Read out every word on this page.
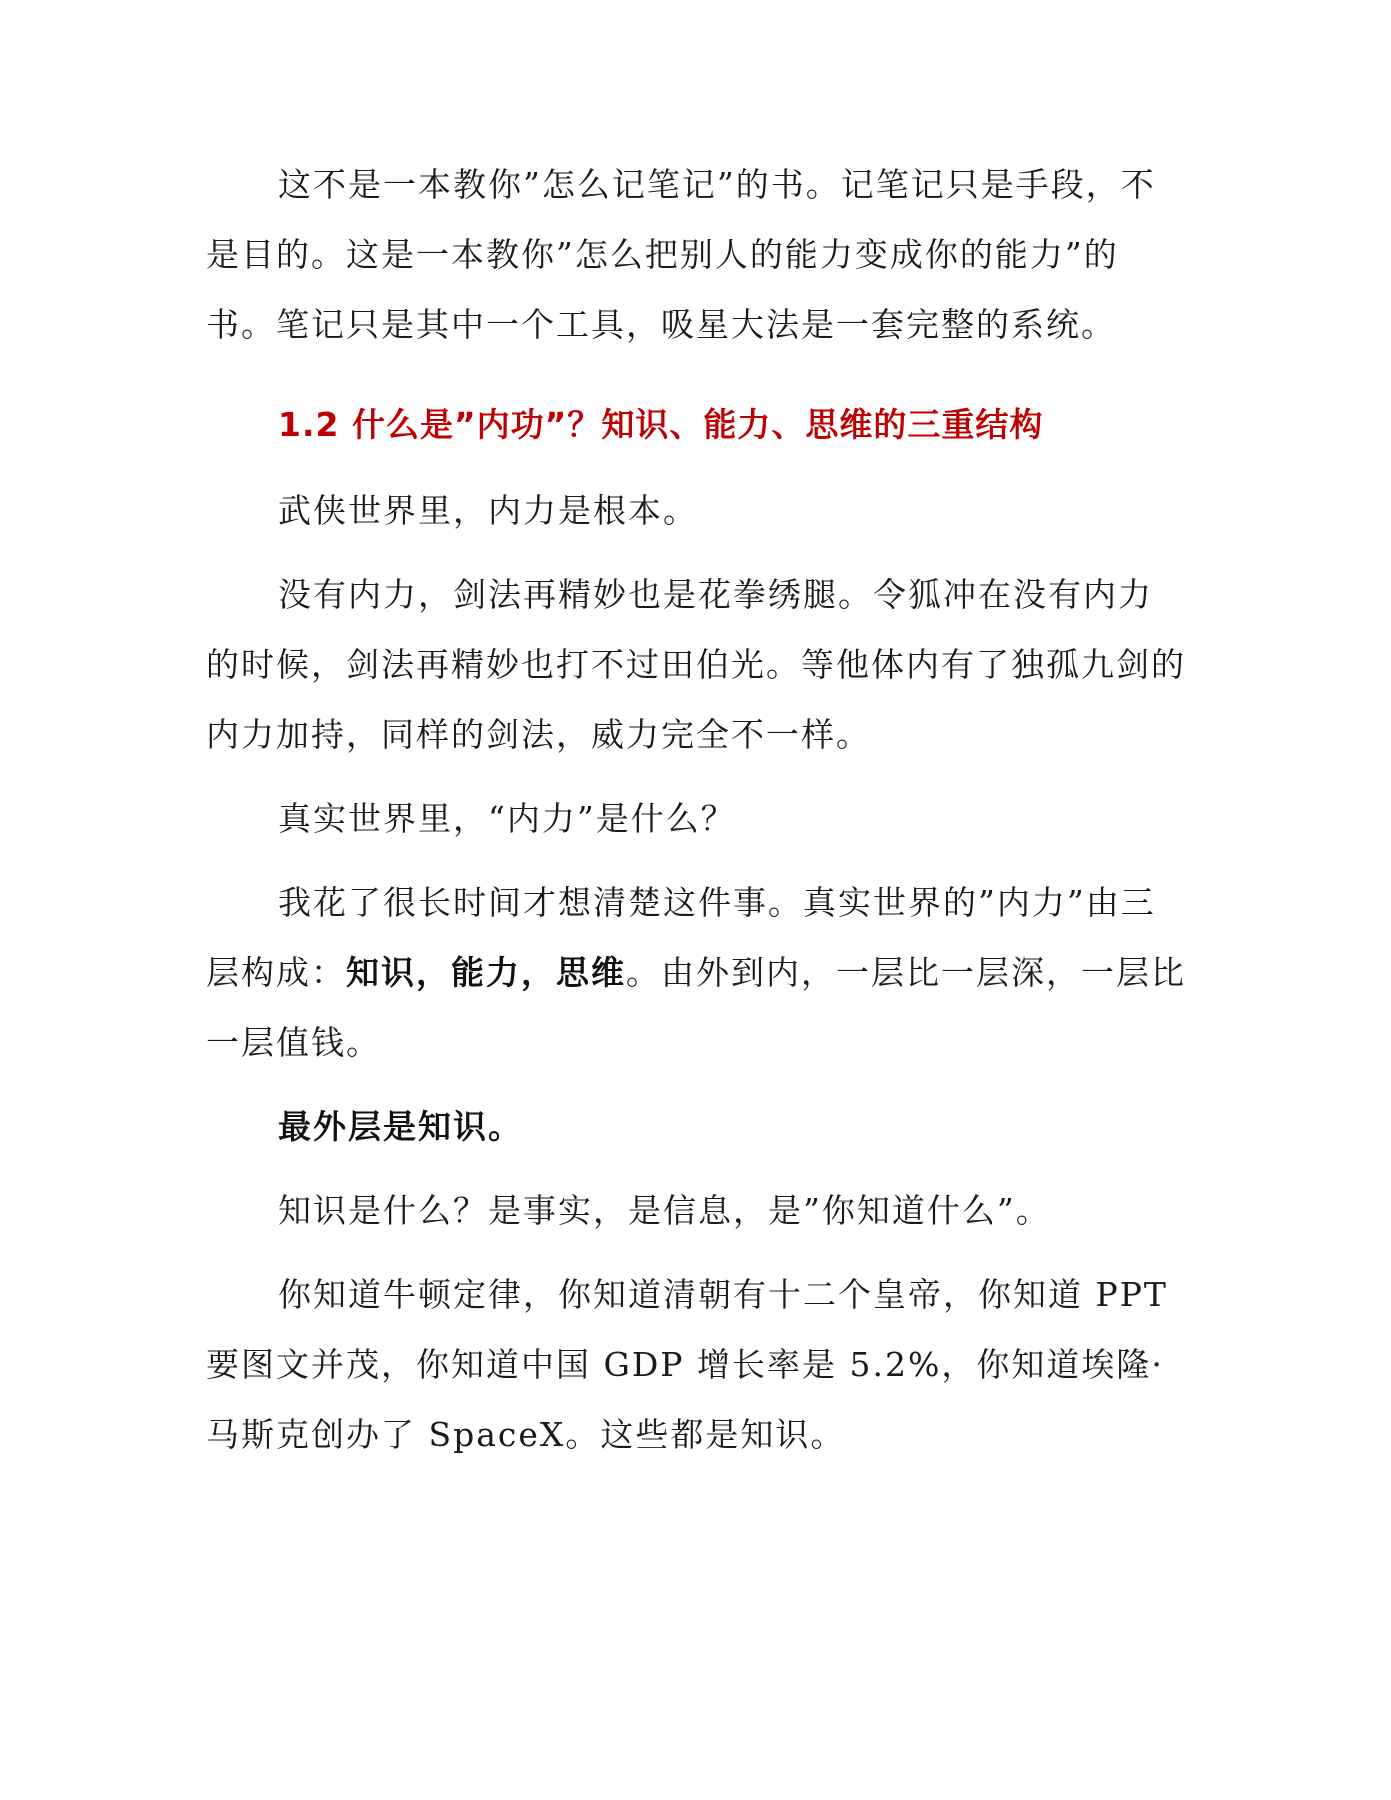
这不是一本教你”怎么记笔记”的书。记笔记只是手段，不是目的。这是一本教你”怎么把别人的能力变成你的能力”的书。笔记只是其中一个工具，吸星大法是一套完整的系统。

1.2 什么是”内功”？知识、能力、思维的三重结构

武侠世界里，内力是根本。

没有内力，剑法再精妙也是花拳绣腿。令狐冲在没有内力的时候，剑法再精妙也打不过田伯光。等他体内有了独孤九剑的内力加持，同样的剑法，威力完全不一样。

真实世界里，“内力”是什么？

我花了很长时间才想清楚这件事。真实世界的”内力”由三层构成：知识，能力，思维。由外到内，一层比一层深，一层比一层值钱。

最外层是知识。

知识是什么？是事实，是信息，是”你知道什么”。

你知道牛顿定律，你知道清朝有十二个皇帝，你知道 PPT 要图文并茂，你知道中国 GDP 增长率是 5.2%，你知道埃隆·马斯克创办了 SpaceX。这些都是知识。
